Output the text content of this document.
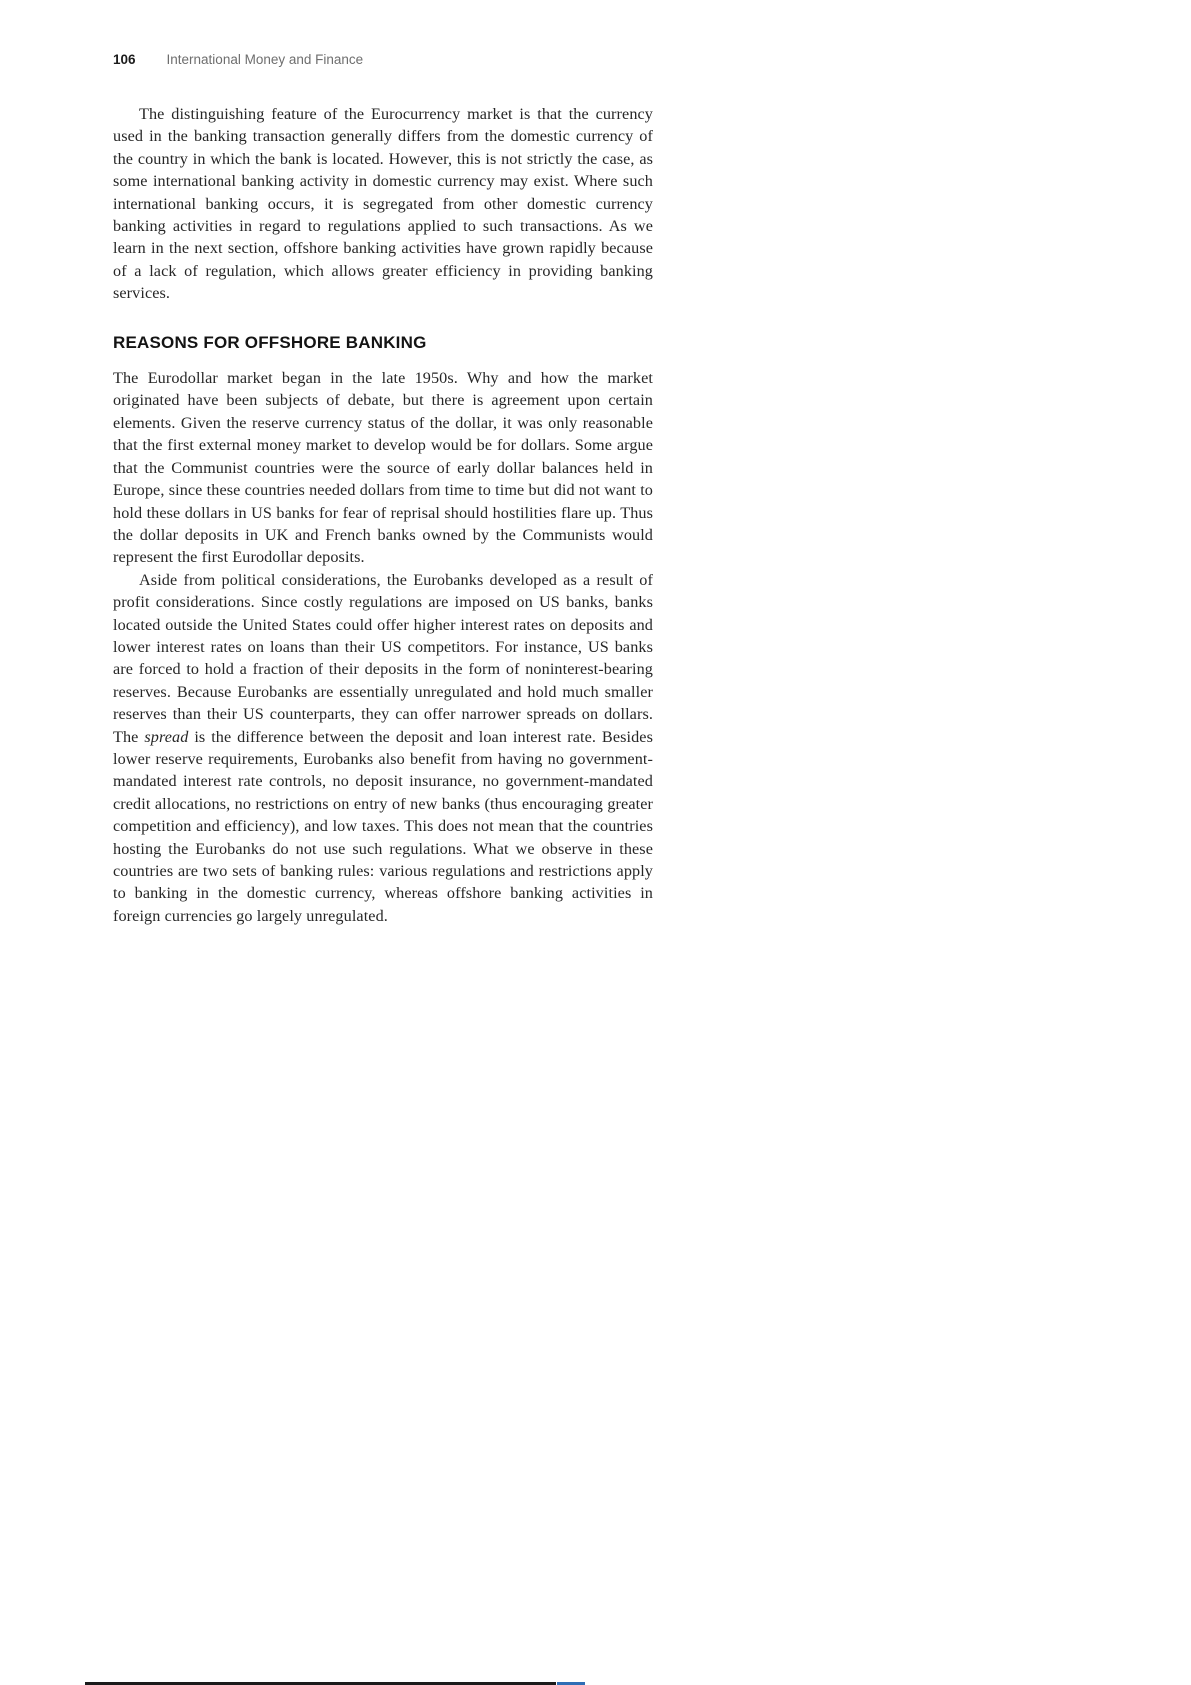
106 International Money and Finance

The distinguishing feature of the Eurocurrency market is that the currency used in the banking transaction generally differs from the domestic currency of the country in which the bank is located. However, this is not strictly the case, as some international banking activity in domestic currency may exist. Where such international banking occurs, it is segregated from other domestic currency banking activities in regard to regulations applied to such transactions. As we learn in the next section, offshore banking activities have grown rapidly because of a lack of regulation, which allows greater efficiency in providing banking services.

REASONS FOR OFFSHORE BANKING

The Eurodollar market began in the late 1950s. Why and how the market originated have been subjects of debate, but there is agreement upon certain elements. Given the reserve currency status of the dollar, it was only reasonable that the first external money market to develop would be for dollars. Some argue that the Communist countries were the source of early dollar balances held in Europe, since these countries needed dollars from time to time but did not want to hold these dollars in US banks for fear of reprisal should hostilities flare up. Thus the dollar deposits in UK and French banks owned by the Communists would represent the first Eurodollar deposits.

Aside from political considerations, the Eurobanks developed as a result of profit considerations. Since costly regulations are imposed on US banks, banks located outside the United States could offer higher interest rates on deposits and lower interest rates on loans than their US competitors. For instance, US banks are forced to hold a fraction of their deposits in the form of noninterest-bearing reserves. Because Eurobanks are essentially unregulated and hold much smaller reserves than their US counterparts, they can offer narrower spreads on dollars. The spread is the difference between the deposit and loan interest rate. Besides lower reserve requirements, Eurobanks also benefit from having no government-mandated interest rate controls, no deposit insurance, no government-mandated credit allocations, no restrictions on entry of new banks (thus encouraging greater competition and efficiency), and low taxes. This does not mean that the countries hosting the Eurobanks do not use such regulations. What we observe in these countries are two sets of banking rules: various regulations and restrictions apply to banking in the domestic currency, whereas offshore banking activities in foreign currencies go largely unregulated.
